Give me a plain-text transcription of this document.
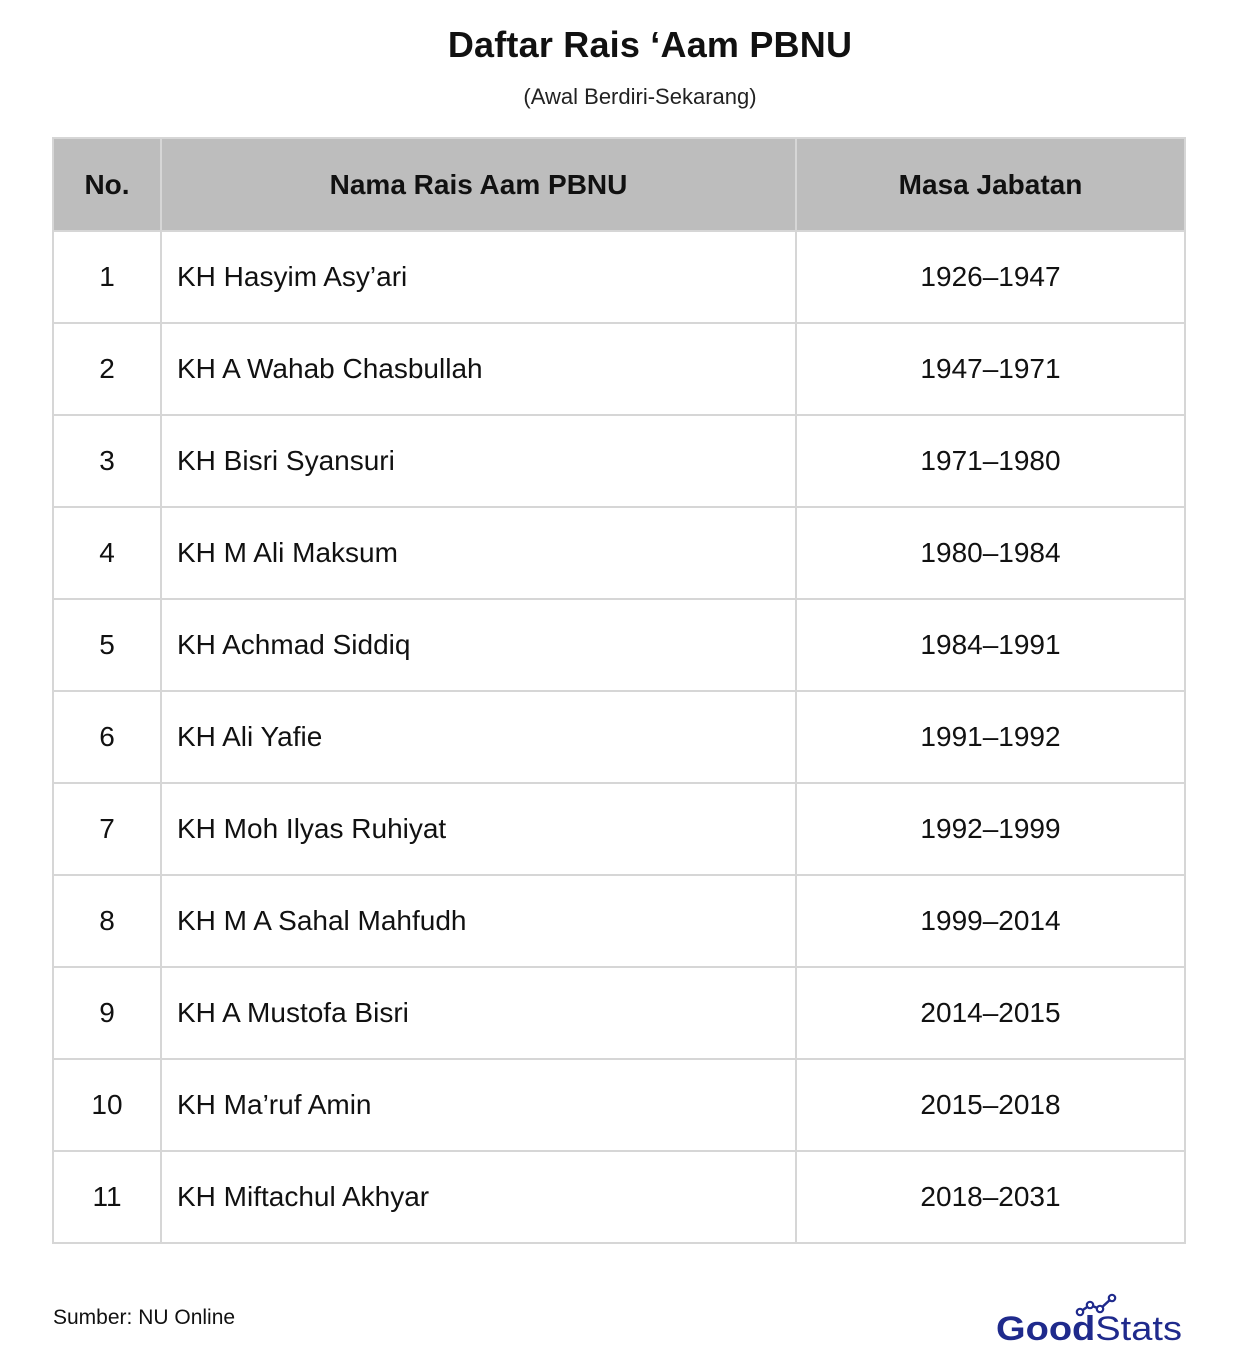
Daftar Rais ‘Aam PBNU
(Awal Berdiri-Sekarang)
No.	Nama Rais Aam PBNU	Masa Jabatan
1	KH Hasyim Asy’ari	1926–1947
2	KH A Wahab Chasbullah	1947–1971
3	KH Bisri Syansuri	1971–1980
4	KH M Ali Maksum	1980–1984
5	KH Achmad Siddiq	1984–1991
6	KH Ali Yafie	1991–1992
7	KH Moh Ilyas Ruhiyat	1992–1999
8	KH M A Sahal Mahfudh	1999–2014
9	KH A Mustofa Bisri	2014–2015
10	KH Ma’ruf Amin	2015–2018
11	KH Miftachul Akhyar	2018–2031
Sumber: NU Online	Good Stats
